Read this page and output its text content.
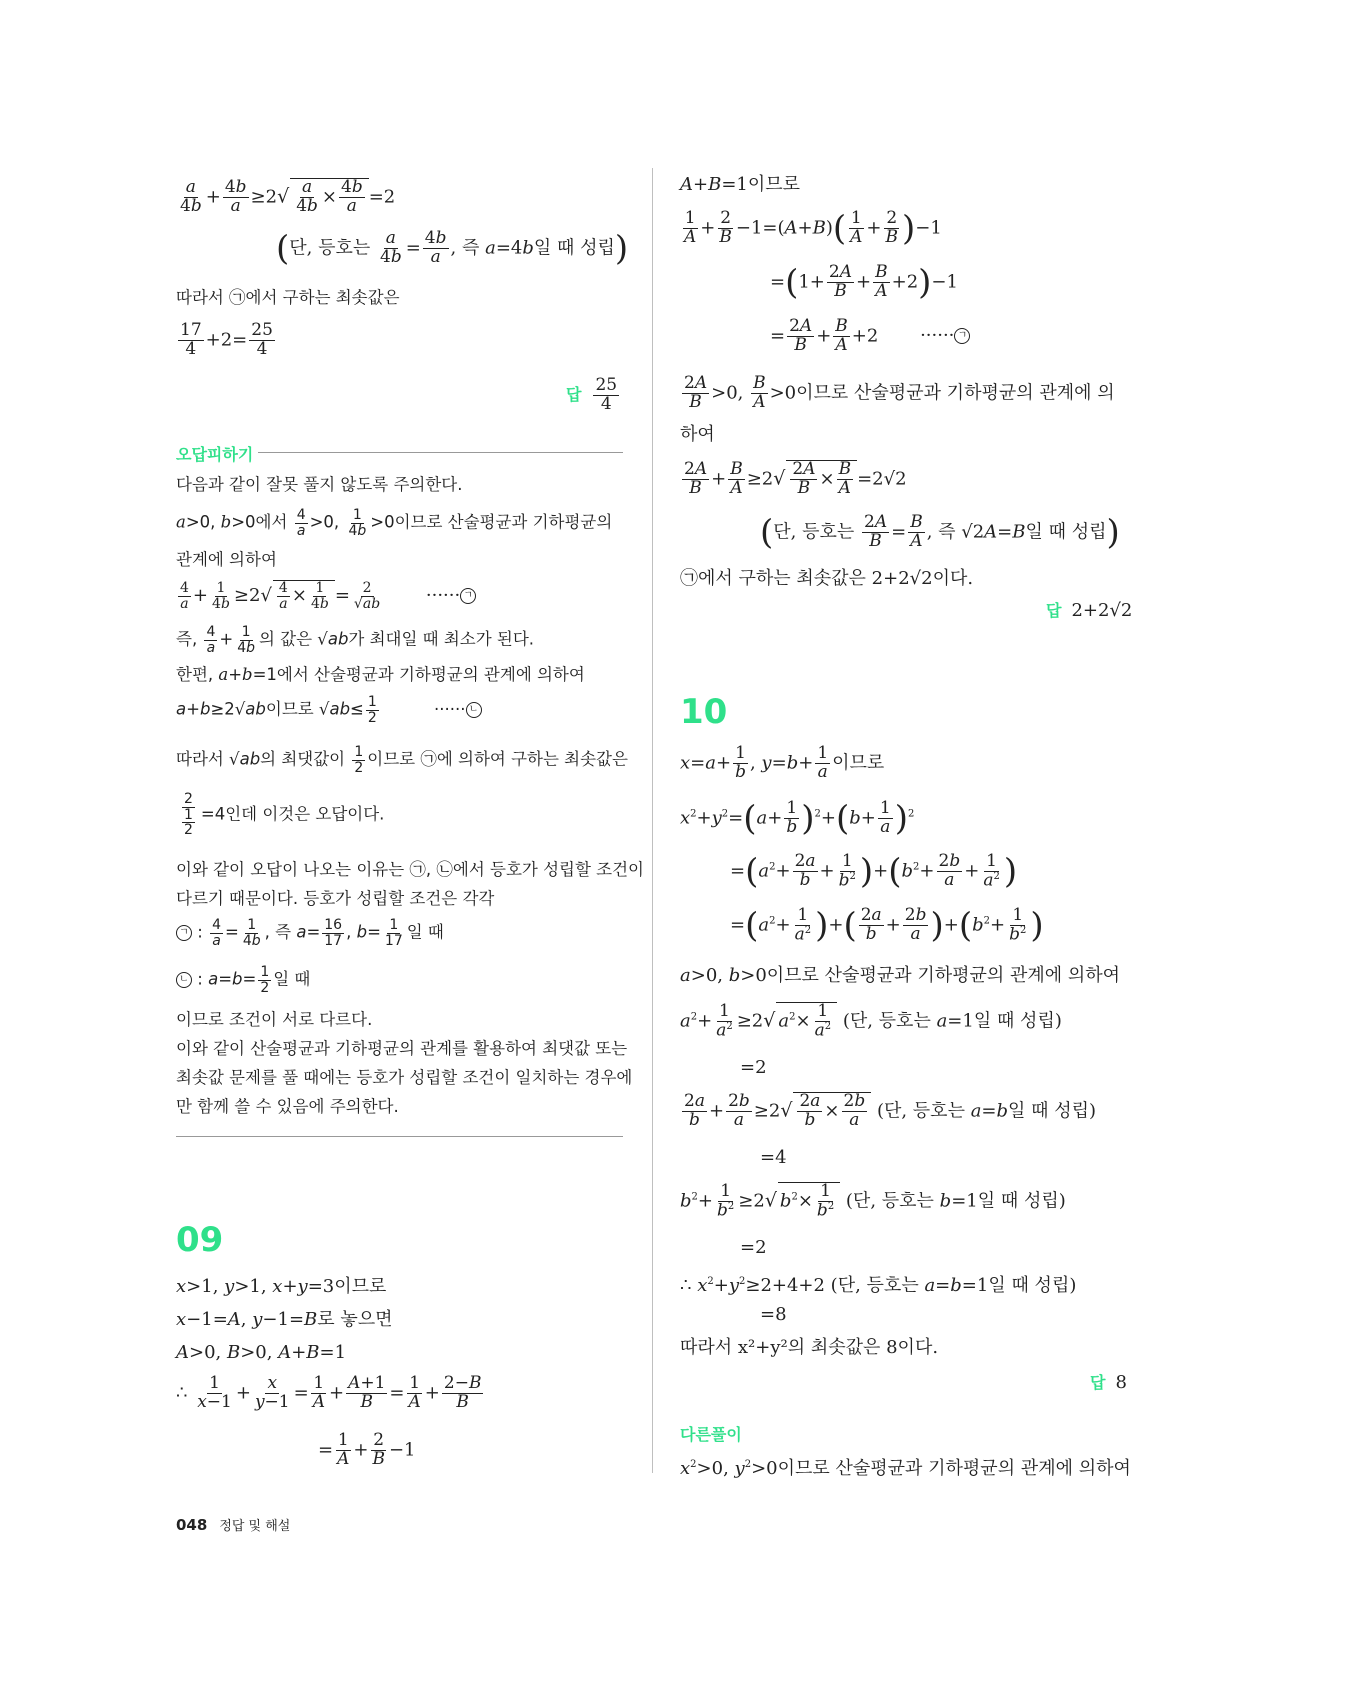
$\frac{a}{4b} + \frac{4b}{a} \ge 2√ \frac{a}{4b} \times \frac{4b}{a} =2$
(단, 등호는 $\frac{a}{4b} = \frac{4b}{a}$ , 즉 a=4b일 때 성립)
따라서 ㉠에서 구하는 최솟값은
$\frac{17}{4} +2= \frac{25}{4}$
답 $\frac{25}{4}$
오답피하기
다음과 같이 잘못 풀지 않도록 주의한다.
a>0, b>0에서 $\frac{4}{a} >0$, $\frac{1}{4b} >0$이므로 산술평균과 기하평균의
관계에 의하여
$\frac{4}{a} + \frac{1}{4b} \ge 2√ \frac{4}{a} \times \frac{1}{4b} = \frac{2}{√ab}$ ······ ㄱ
즉, $\frac{4}{a} + \frac{1}{4b}$ 의 값은 √ab가 최대일 때 최소가 된다.
한편, a+b=1에서 산술평균과 기하평균의 관계에 의하여
a+b≥2√ab이므로 $√ab\le \frac{1}{2}$	······ ㄴ
따라서 √ab의 최댓값이 $\frac{1}{2}$ 이므로 ㉠에 의하여 구하는 최솟값은
$\frac{2}{\frac{1}{2}} =4$인데 이것은 오답이다.
이와 같이 오답이 나오는 이유는 ㉠, ㉡에서 등호가 성립할 조건이
다르기 때문이다. 등호가 성립할 조건은 각각
ㄱ : $\frac{4}{a} = \frac{1}{4b}$ , 즉 $a= \frac{16}{17}$ , $b= \frac{1}{17}$ 일 때
ㄴ : $a=b= \frac{1}{2}$ 일 때
이므로 조건이 서로 다르다.
이와 같이 산술평균과 기하평균의 관계를 활용하여 최댓값 또는
최솟값 문제를 풀 때에는 등호가 성립할 조건이 일치하는 경우에
만 함께 쓸 수 있음에 주의한다.
09
x>1, y>1, x+y=3이므로
x−1=A, y−1=B로 놓으면
A>0, B>0, A+B=1
∴ $\frac{1}{x-1} + \frac{x}{y-1} = \frac{1}{A} + \frac{A+1}{B} = \frac{1}{A} + \frac{2-B}{B}$
= $\frac{1}{A} + \frac{2}{B} -1$
A+B=1이므로
$\frac{1}{A} + \frac{2}{B} -1=(A+B)( \frac{1}{A} + \frac{2}{B} )-1$
$=(1+ \frac{2A}{B} + \frac{B}{A} +2)-1$
= $\frac{2A}{B} + \frac{B}{A} +2$ ······ ㄱ
$\frac{2A}{B} >0$, $\frac{B}{A} >0$이므로 산술평균과 기하평균의 관계에 의
하여
$\frac{2A}{B} + \frac{B}{A} \ge 2√ \frac{2A}{B} \times \frac{B}{A} =2√2$
(단, 등호는 $\frac{2A}{B} = \frac{B}{A}$ , 즉 √2A=B일 때 성립)
㉠에서 구하는 최솟값은 2+2√2이다.
답 2+2√2
10
$x=a+ \frac{1}{b}$ , $y=b+ \frac{1}{a}$ 이므로
$x^2+y^2=(a+ \frac{1}{b} )^2+(b+ \frac{1}{a} )^2$
$=(a^2+ \frac{2a}{b} + \frac{1}{b^2} )+(b^2+ \frac{2b}{a} + \frac{1}{a^2}$ )
$=(a^2+ \frac{1}{a^2}$ )+( $\frac{2a}{b} + \frac{2b}{a} )+(b^2+ \frac{1}{b^2}$ )
a>0, b>0이므로 산술평균과 기하평균의 관계에 의하여
$a^2+ \frac{1}{a^2} \ge 2√$ $a^2\times \frac{1}{a^2}$ (단, 등호는 a=1일 때 성립)
=2
$\frac{2a}{b} + \frac{2b}{a} \ge 2√ \frac{2a}{b} \times \frac{2b}{a}$ (단, 등호는 a=b일 때 성립)
=4
$b^2+ \frac{1}{b^2} \ge 2√$ $b^2\times \frac{1}{b^2}$ (단, 등호는 b=1일 때 성립)
=2
∴ $x^2+y^2\ge 2+4+2$ (단, 등호는 a=b=1일 때 성립)
=8
따라서 x²+y²의 최솟값은 8이다.
답 8
다른풀이
$x^2>0$, $y^2>0$이므로 산술평균과 기하평균의 관계에 의하여
048 정답 및 해설
